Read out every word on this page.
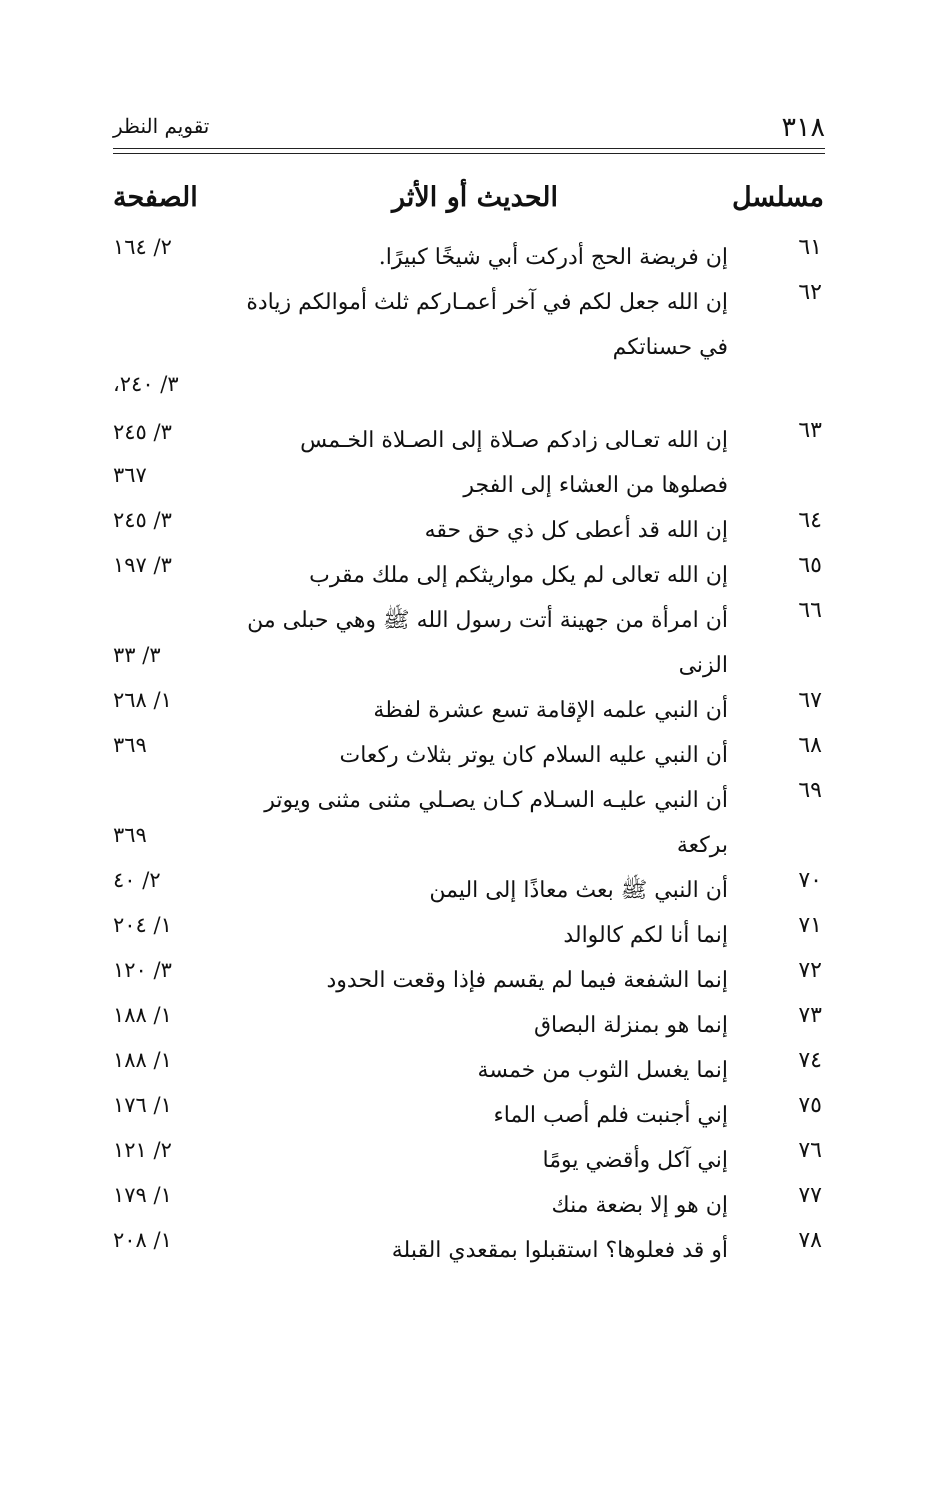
٣١٨
تقويم النظر
مسلسل
الحديث أو الأثر
الصفحة
٦١
إن فريضة الحج أدركت أبي شيخًا كبيرًا.
٢/ ١٦٤
٦٢
إن الله جعل لكم في آخر أعمـاركم ثلث أموالكم زيادة في حسناتكم
٣/ ٢٤٠،
٣/ ٢٤٥	٦٣
إن الله تعـالى زادكم صـلاة إلى الصـلاة الخـمس فصلوها من العشاء إلى الفجر
٣٦٧
٦٤
إن الله قد أعطى كل ذي حق حقه
٣/ ٢٤٥
٦٥
إن الله تعالى لم يكل مواريثكم إلى ملك مقرب
٣/ ١٩٧
٦٦
أن امرأة من جهينة أتت رسول الله ﷺ وهي حبلى من الزنى
٣/ ٣٣
٦٧
أن النبي علمه الإقامة تسع عشرة لفظة
١/ ٢٦٨
٦٨
أن النبي عليه السلام كان يوتر بثلاث ركعات
٣٦٩
٦٩
أن النبي عليـه السـلام كـان يصـلي مثنى مثنى ويوتر بركعة
٣٦٩
٧٠
أن النبي ﷺ بعث معاذًا إلى اليمن
٢/ ٤٠
٧١
إنما أنا لكم كالوالد
١/ ٢٠٤
٧٢
إنما الشفعة فيما لم يقسم فإذا وقعت الحدود
٣/ ١٢٠
٧٣
إنما هو بمنزلة البصاق
١/ ١٨٨
٧٤
إنما يغسل الثوب من خمسة
١/ ١٨٨
٧٥
إني أجنبت فلم أصب الماء
١/ ١٧٦
٧٦
إني آكل وأقضي يومًا
٢/ ١٢١
٧٧
إن هو إلا بضعة منك
١/ ١٧٩
٧٨
أو قد فعلوها؟ استقبلوا بمقعدي القبلة
١/ ٢٠٨
